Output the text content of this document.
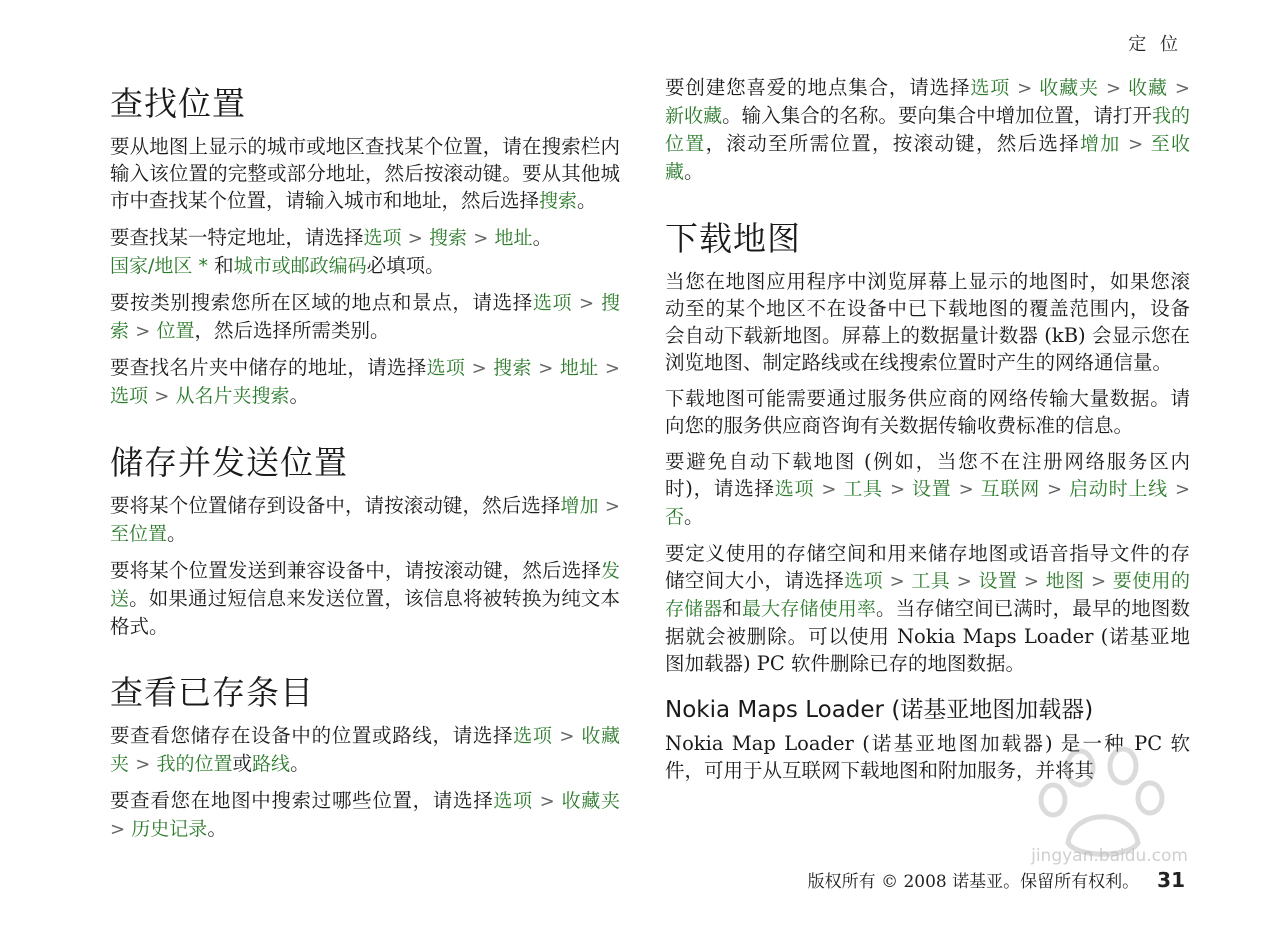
定 位
查找位置

要从地图上显示的城市或地区查找某个位置，请在搜索栏内输入该位置的完整或部分地址，然后按滚动键。要从其他城市中查找某个位置，请输入城市和地址，然后选择搜索。

要查找某一特定地址，请选择选项 > 搜索 > 地址。
国家/地区 * 和城市或邮政编码必填项。

要按类别搜索您所在区域的地点和景点，请选择选项 > 搜索 > 位置，然后选择所需类别。

要查找名片夹中储存的地址，请选择选项 > 搜索 > 地址 > 选项 > 从名片夹搜索。

储存并发送位置

要将某个位置储存到设备中，请按滚动键，然后选择增加 > 至位置。

要将某个位置发送到兼容设备中，请按滚动键，然后选择发送。如果通过短信息来发送位置，该信息将被转换为纯文本格式。

查看已存条目

要查看您储存在设备中的位置或路线，请选择选项 > 收藏夹 > 我的位置或路线。

要查看您在地图中搜索过哪些位置，请选择选项 > 收藏夹 > 历史记录。

要创建您喜爱的地点集合，请选择选项 > 收藏夹 > 收藏 > 新收藏。输入集合的名称。要向集合中增加位置，请打开我的位置，滚动至所需位置，按滚动键，然后选择增加 > 至收藏。

下载地图

当您在地图应用程序中浏览屏幕上显示的地图时，如果您滚动至的某个地区不在设备中已下载地图的覆盖范围内，设备会自动下载新地图。屏幕上的数据量计数器 (kB) 会显示您在浏览地图、制定路线或在线搜索位置时产生的网络通信量。

下载地图可能需要通过服务供应商的网络传输大量数据。请向您的服务供应商咨询有关数据传输收费标准的信息。

要避免自动下载地图 (例如，当您不在注册网络服务区内时)，请选择选项 > 工具 > 设置 > 互联网 > 启动时上线 > 否。

要定义使用的存储空间和用来储存地图或语音指导文件的存储空间大小，请选择选项 > 工具 > 设置 > 地图 > 要使用的存储器和最大存储使用率。当存储空间已满时，最早的地图数据就会被删除。可以使用 Nokia Maps Loader (诺基亚地图加载器) PC 软件删除已存的地图数据。

Nokia Maps Loader (诺基亚地图加载器)

Nokia Map Loader (诺基亚地图加载器) 是一种 PC 软件，可用于从互联网下载地图和附加服务，并将其

jingyan.baidu.com
版权所有 © 2008 诺基亚。保留所有权利。 31
